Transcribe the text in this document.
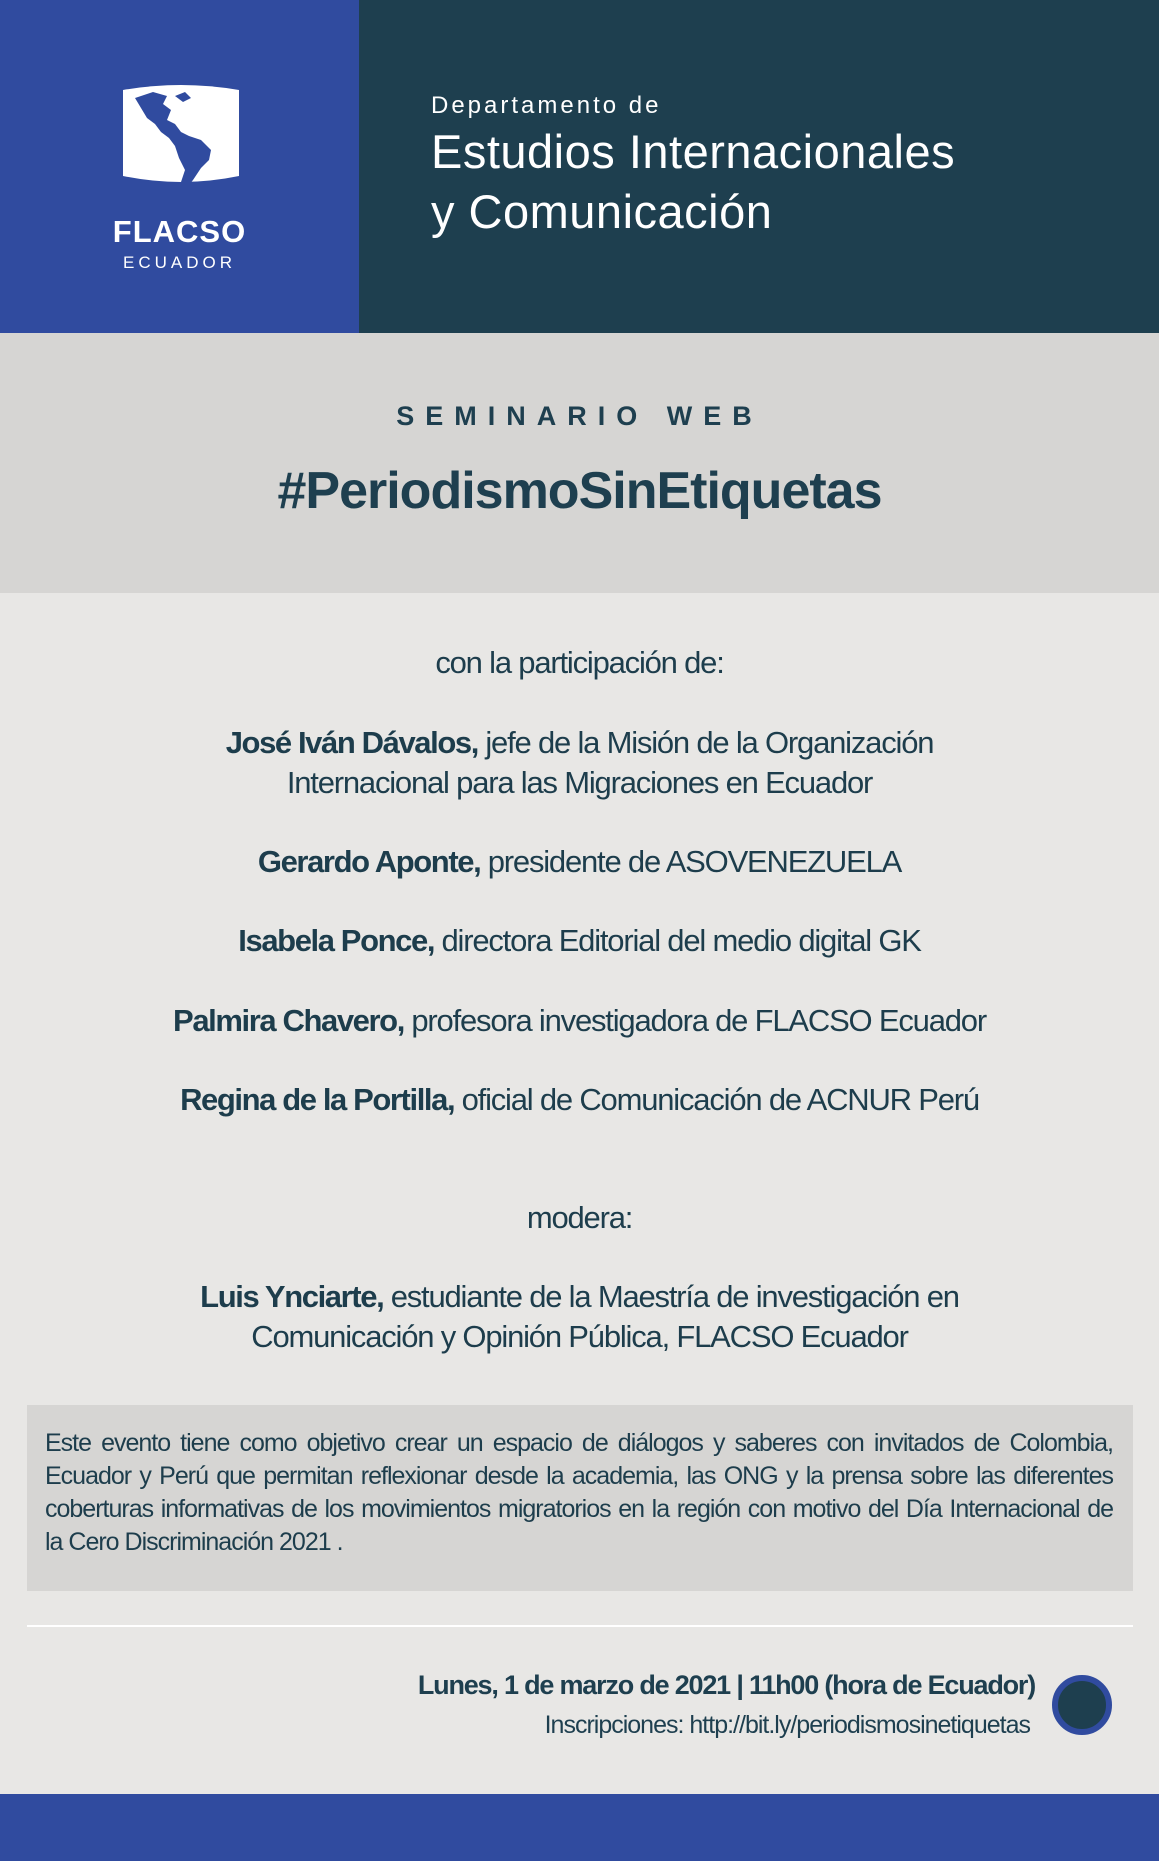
FLACSO
ECUADOR
Departamento de
Estudios Internacionales
y Comunicación
SEMINARIO WEB
#PeriodismoSinEtiquetas
con la participación de:
José Iván Dávalos, jefe de la Misión de la Organización
Internacional para las Migraciones en Ecuador
Gerardo Aponte, presidente de ASOVENEZUELA
Isabela Ponce, directora Editorial del medio digital GK
Palmira Chavero, profesora investigadora de FLACSO Ecuador
Regina de la Portilla, oficial de Comunicación de ACNUR Perú
modera:
Luis Ynciarte, estudiante de la Maestría de investigación en
Comunicación y Opinión Pública, FLACSO Ecuador
Este evento tiene como objetivo crear un espacio de diálogos y saberes con invitados de Colombia, Ecuador y Perú que permitan reflexionar desde la academia, las ONG y la prensa sobre las diferentes coberturas informativas de los movimientos migratorios en la región con motivo del Día Internacional de la Cero Discriminación 2021 .
Lunes, 1 de marzo de 2021 | 11h00 (hora de Ecuador)
Inscripciones: http://bit.ly/periodismosinetiquetas
